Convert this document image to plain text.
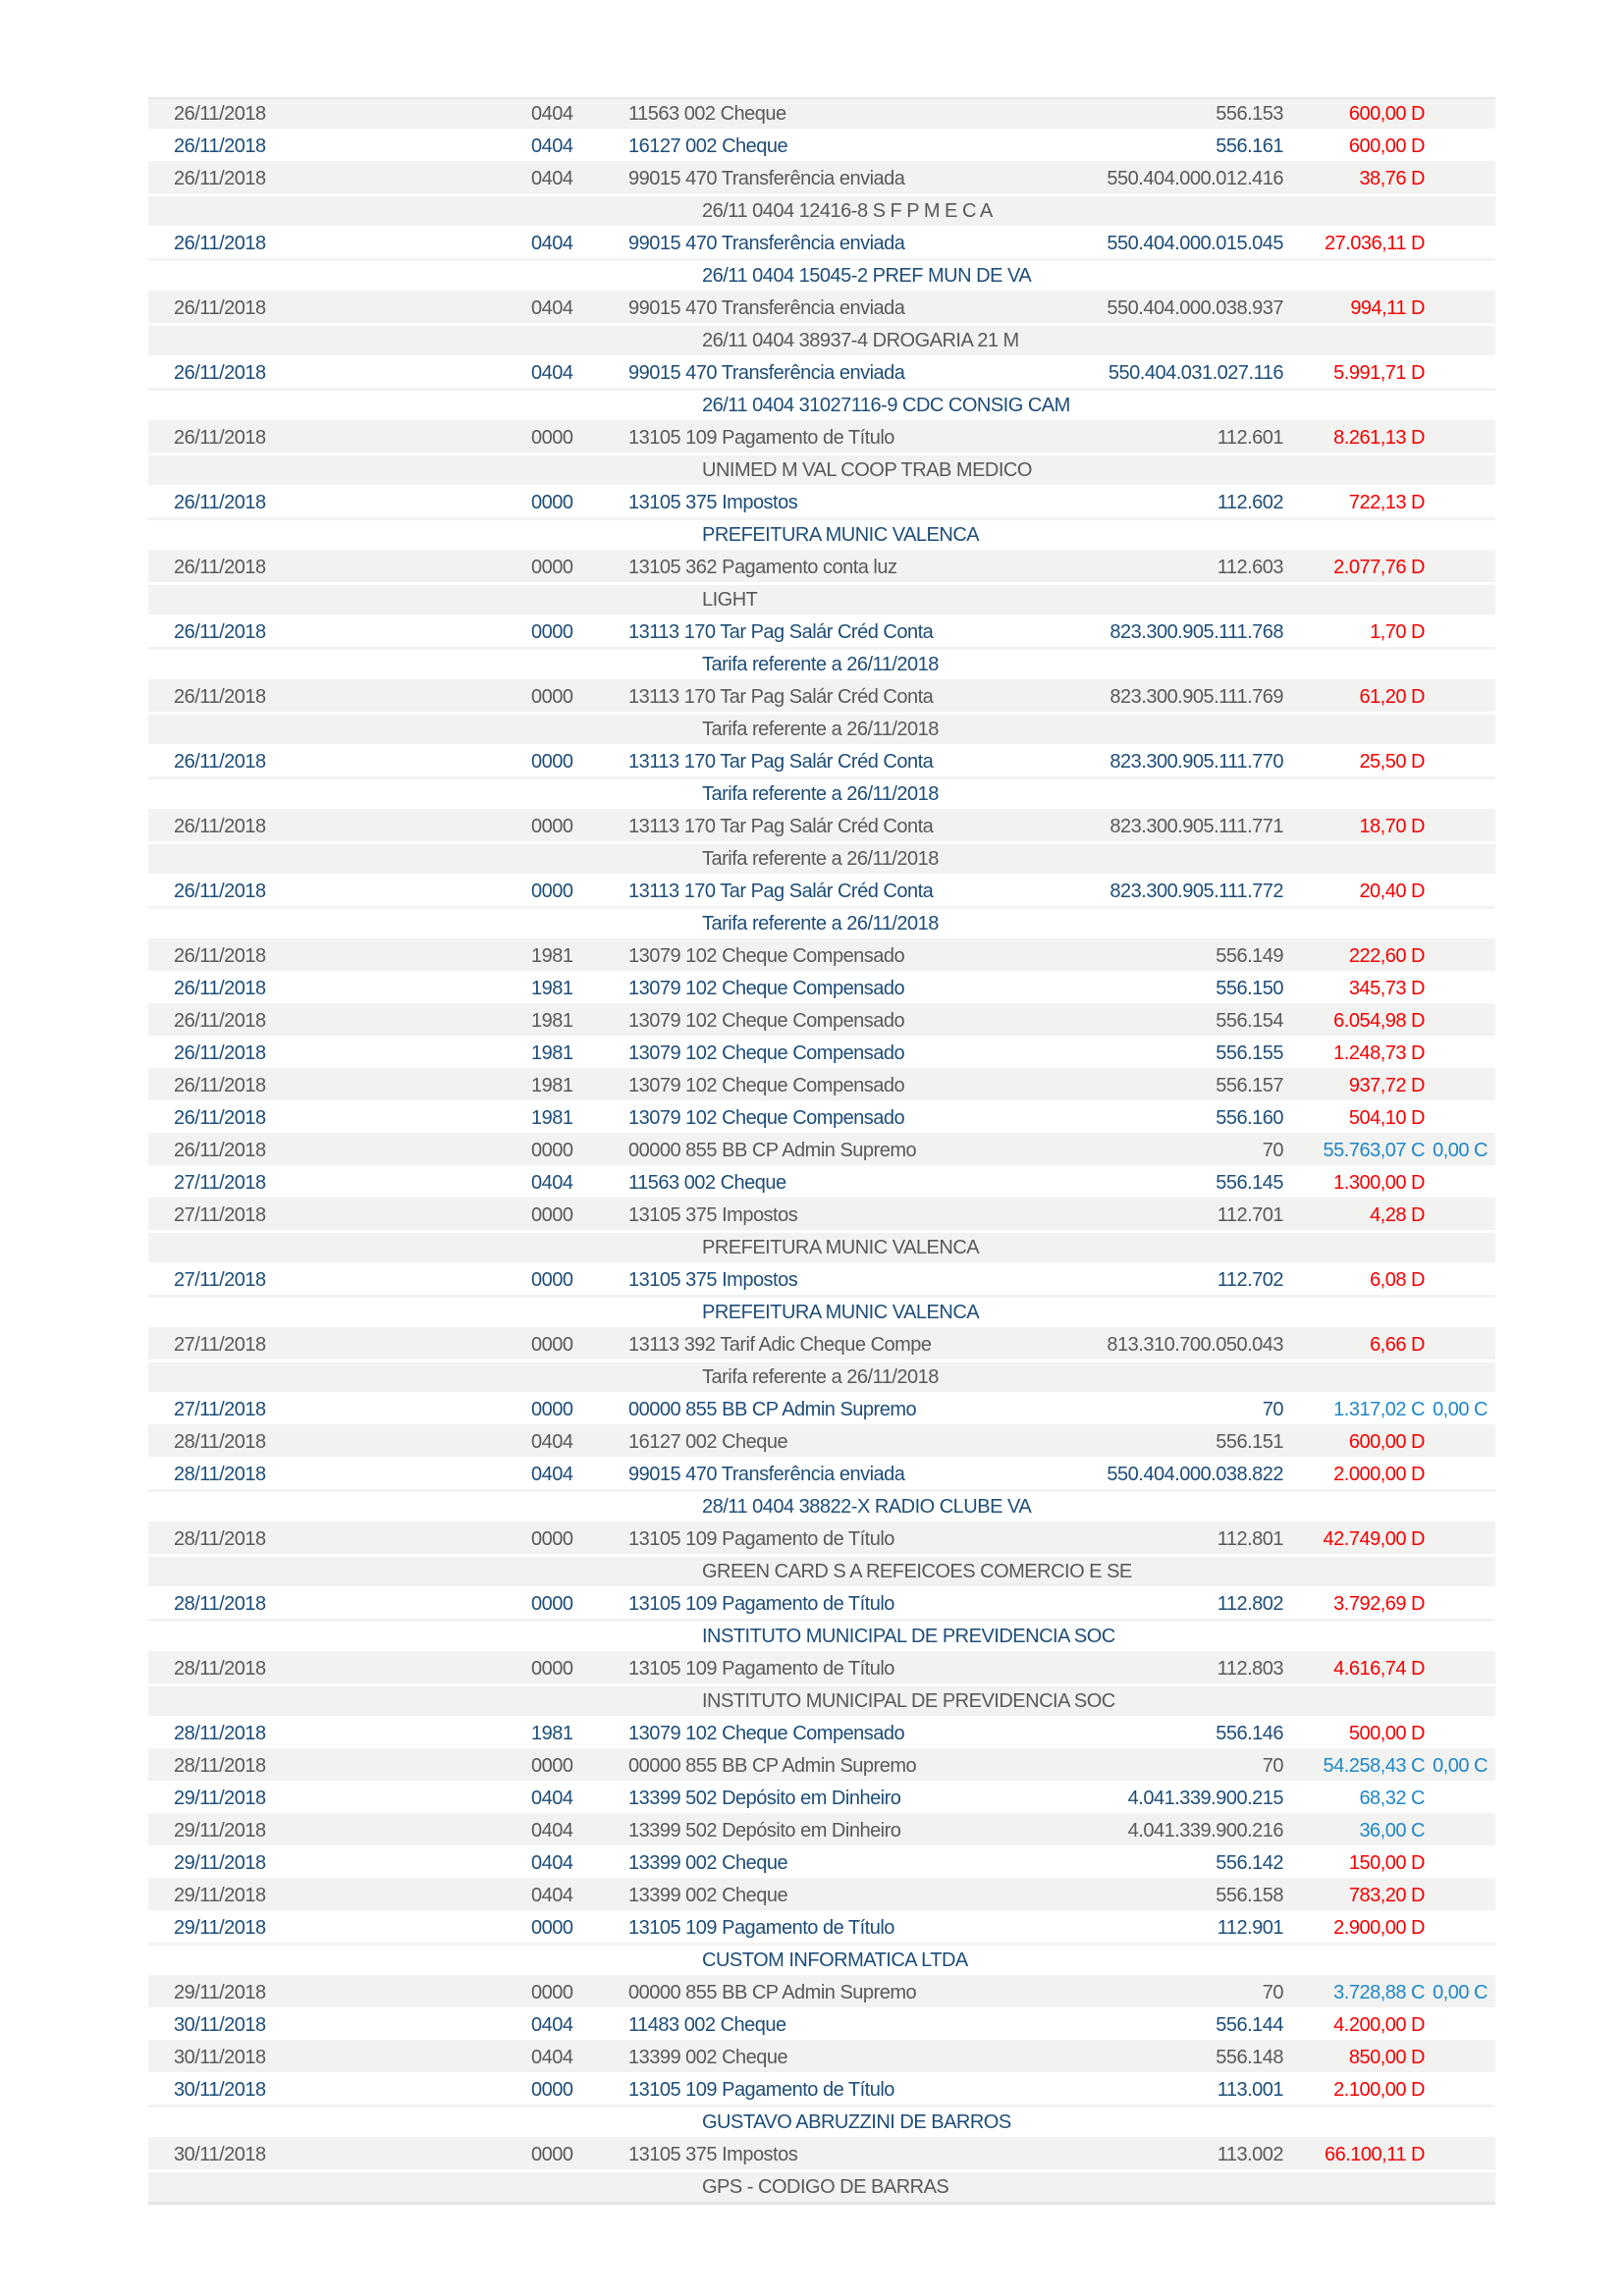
26/11/2018	0404	11563 002 Cheque	556.153	600,00 D
26/11/2018	0404	16127 002 Cheque	556.161	600,00 D
26/11/2018	0404	99015 470 Transferência enviada	550.404.000.012.416	38,76 D
26/11 0404 12416-8 S F P M E C A
26/11/2018	0404	99015 470 Transferência enviada	550.404.000.015.045	27.036,11 D
26/11 0404 15045-2 PREF MUN DE VA
26/11/2018	0404	99015 470 Transferência enviada	550.404.000.038.937	994,11 D
26/11 0404 38937-4 DROGARIA 21 M
26/11/2018	0404	99015 470 Transferência enviada	550.404.031.027.116	5.991,71 D
26/11 0404 31027116-9 CDC CONSIG CAM
26/11/2018	0000	13105 109 Pagamento de Título	112.601	8.261,13 D
UNIMED M VAL COOP TRAB MEDICO
26/11/2018	0000	13105 375 Impostos	112.602	722,13 D
PREFEITURA MUNIC VALENCA
26/11/2018	0000	13105 362 Pagamento conta luz	112.603	2.077,76 D
LIGHT
26/11/2018	0000	13113 170 Tar Pag Salár Créd Conta	823.300.905.111.768	1,70 D
Tarifa referente a 26/11/2018
26/11/2018	0000	13113 170 Tar Pag Salár Créd Conta	823.300.905.111.769	61,20 D
Tarifa referente a 26/11/2018
26/11/2018	0000	13113 170 Tar Pag Salár Créd Conta	823.300.905.111.770	25,50 D
Tarifa referente a 26/11/2018
26/11/2018	0000	13113 170 Tar Pag Salár Créd Conta	823.300.905.111.771	18,70 D
Tarifa referente a 26/11/2018
26/11/2018	0000	13113 170 Tar Pag Salár Créd Conta	823.300.905.111.772	20,40 D
Tarifa referente a 26/11/2018
26/11/2018	1981	13079 102 Cheque Compensado	556.149	222,60 D
26/11/2018	1981	13079 102 Cheque Compensado	556.150	345,73 D
26/11/2018	1981	13079 102 Cheque Compensado	556.154	6.054,98 D
26/11/2018	1981	13079 102 Cheque Compensado	556.155	1.248,73 D
26/11/2018	1981	13079 102 Cheque Compensado	556.157	937,72 D
26/11/2018	1981	13079 102 Cheque Compensado	556.160	504,10 D
26/11/2018	0000	00000 855 BB CP Admin Supremo	70	55.763,07 C 0,00 C
27/11/2018	0404	11563 002 Cheque	556.145	1.300,00 D
27/11/2018	0000	13105 375 Impostos	112.701	4,28 D
PREFEITURA MUNIC VALENCA
27/11/2018	0000	13105 375 Impostos	112.702	6,08 D
PREFEITURA MUNIC VALENCA
27/11/2018	0000	13113 392 Tarif Adic Cheque Compe	813.310.700.050.043	6,66 D
Tarifa referente a 26/11/2018
27/11/2018	0000	00000 855 BB CP Admin Supremo	70	1.317,02 C 0,00 C
28/11/2018	0404	16127 002 Cheque	556.151	600,00 D
28/11/2018	0404	99015 470 Transferência enviada	550.404.000.038.822	2.000,00 D
28/11 0404 38822-X RADIO CLUBE VA
28/11/2018	0000	13105 109 Pagamento de Título	112.801	42.749,00 D
GREEN CARD S A REFEICOES COMERCIO E SE
28/11/2018	0000	13105 109 Pagamento de Título	112.802	3.792,69 D
INSTITUTO MUNICIPAL DE PREVIDENCIA SOC
28/11/2018	0000	13105 109 Pagamento de Título	112.803	4.616,74 D
INSTITUTO MUNICIPAL DE PREVIDENCIA SOC
28/11/2018	1981	13079 102 Cheque Compensado	556.146	500,00 D
28/11/2018	0000	00000 855 BB CP Admin Supremo	70	54.258,43 C 0,00 C
29/11/2018	0404	13399 502 Depósito em Dinheiro	4.041.339.900.215	68,32 C
29/11/2018	0404	13399 502 Depósito em Dinheiro	4.041.339.900.216	36,00 C
29/11/2018	0404	13399 002 Cheque	556.142	150,00 D
29/11/2018	0404	13399 002 Cheque	556.158	783,20 D
29/11/2018	0000	13105 109 Pagamento de Título	112.901	2.900,00 D
CUSTOM INFORMATICA LTDA
29/11/2018	0000	00000 855 BB CP Admin Supremo	70	3.728,88 C 0,00 C
30/11/2018	0404	11483 002 Cheque	556.144	4.200,00 D
30/11/2018	0404	13399 002 Cheque	556.148	850,00 D
30/11/2018	0000	13105 109 Pagamento de Título	113.001	2.100,00 D
GUSTAVO ABRUZZINI DE BARROS
30/11/2018	0000	13105 375 Impostos	113.002	66.100,11 D
GPS - CODIGO DE BARRAS
